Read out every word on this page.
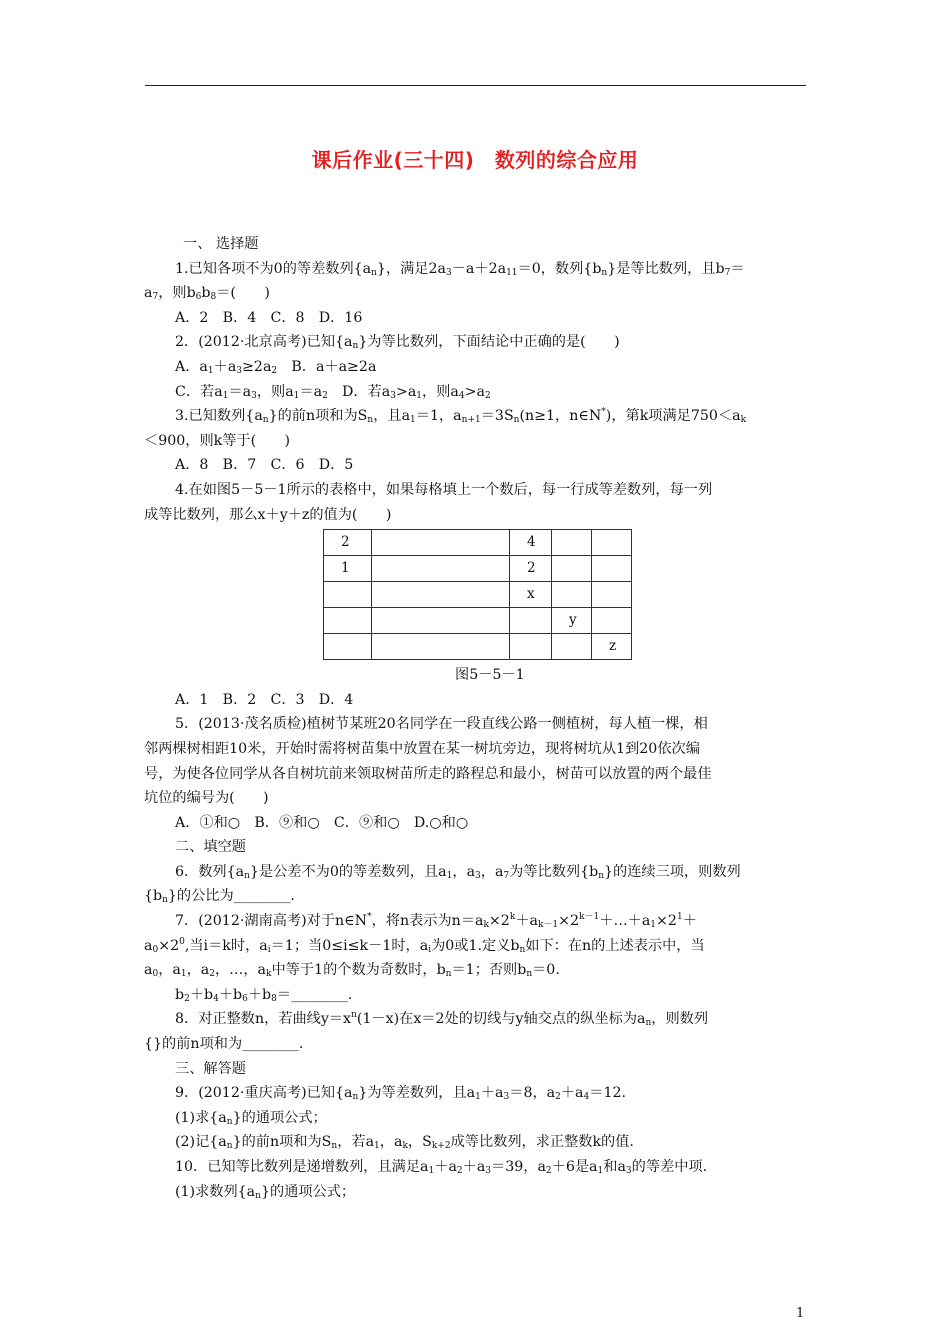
课后作业(三十四)　数列的综合应用
一、 选择题
1.已知各项不为0的等差数列$\{a_n\}$，满足$2a_3-a+2a_{11}=0$，数列$\{b_n\}$是等比数列，且$b_7=$
$a_7$，则$b_6b_8=$(　　)
A．2　B．4　C．8　D．16
2．(2012·北京高考)已知$\{a_n\}$为等比数列，下面结论中正确的是(　　)
A．$a_1+a_3\ge 2a_2$　B．a＋a≥2a
C．若$a_1=a_3$，则$a_1=a_2$　D．若$a_3>a_1$，则$a_4>a_2$
3.已知数列$\{a_n\}$的前n项和为$S_n$，且$a_1=1$，$a_{n+1}=3S_n(n\ge 1$，n∈N*)，第k项满足$750<a_k$
＜900，则k等于(　　)
A．8　B．7　C．6　D．5
4.在如图5－5－1所示的表格中，如果每格填上一个数后，每一行成等差数列，每一列
成等比数列，那么x＋y＋z的值为(　　)
2		4		
1		2		
		x		
			y	
				z
图5－5－1
A．1　B．2　C．3　D．4
5．(2013·茂名质检)植树节某班20名同学在一段直线公路一侧植树，每人植一棵，相
邻两棵树相距10米，开始时需将树苗集中放置在某一树坑旁边，现将树坑从1到20依次编
号，为使各位同学从各自树坑前来领取树苗所走的路程总和最小，树苗可以放置的两个最佳
坑位的编号为(　　)
A．①和○　B．⑨和○　C．⑨和○　D.○和○
二、填空题
6．数列$\{a_n\}$是公差不为0的等差数列，且$a_1$，$a_3$，$a_7$为等比数列$\{b_n\}$的连续三项，则数列
$\{b_n\}$的公比为________.
7．(2012·湖南高考)对于n∈N*，将n表示为$n=a_k\times 2^k+a_{k-1}\times 2^{k-1}+\dots+a_1\times 2^1+$
$a_0\times 2^0$,当i＝k时，$a_i=1$；当0≤i≤k－1时，$a_i$为0或1.定义$b_n$如下：在n的上述表示中，当
$a_0$，$a_1$，$a_2$，…，$a_k$中等于1的个数为奇数时，$b_n=1$；否则$b_n=0$.
$b_2+b_4+b_6+b_8=\_\_\_\_\_\_\_\_$.
8．对正整数n，若曲线$y=x^n(1-x)$在x＝2处的切线与y轴交点的纵坐标为$a_n$，则数列
{}的前n项和为________.
三、解答题
9．(2012·重庆高考)已知$\{a_n\}$为等差数列，且$a_1+a_3=8$，$a_2+a_4=12$.
(1)求$\{a_n\}$的通项公式；
(2)记$\{a_n\}$的前n项和为$S_n$，若$a_1$，$a_k$，$S_{k+2}$成等比数列，求正整数k的值.
10．已知等比数列是递增数列，且满足$a_1+a_2+a_3=39$，$a_2+6$是$a_1$和$a_3$的等差中项.
(1)求数列$\{a_n\}$的通项公式；
1
